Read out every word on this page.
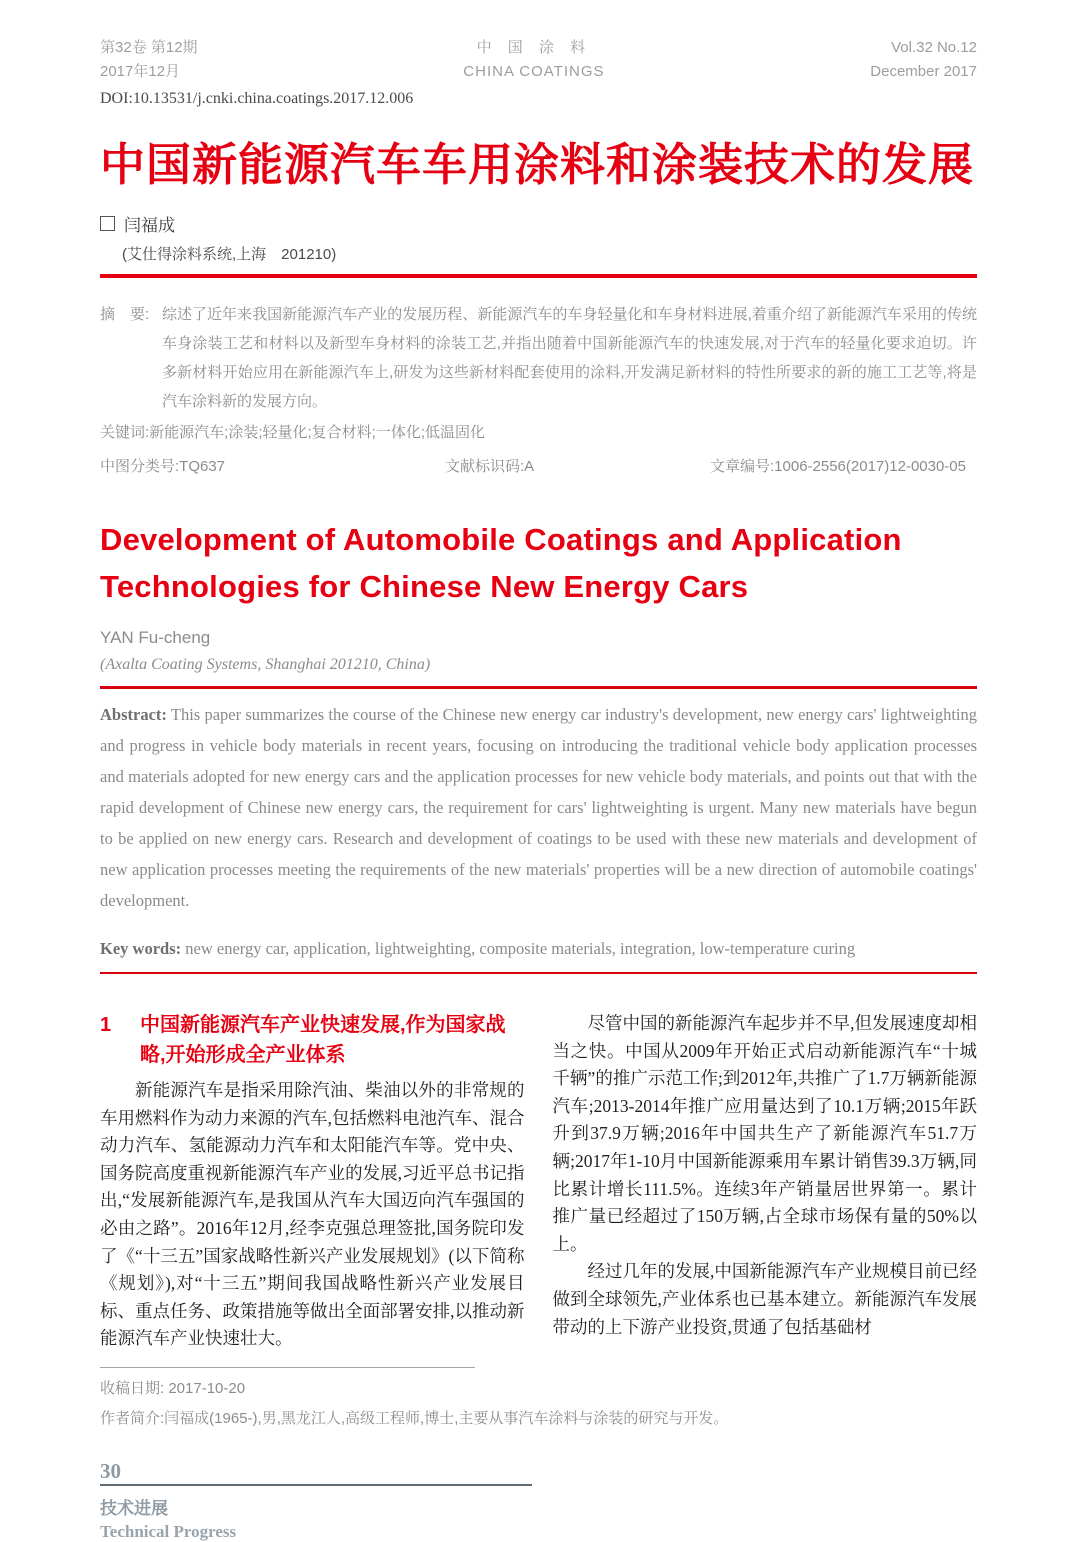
第32卷 第12期
2017年12月
中 国 涂 料
CHINA COATINGS
Vol.32 No.12
December 2017
DOI:10.13531/j.cnki.china.coatings.2017.12.006
中国新能源汽车车用涂料和涂装技术的发展
闫福成
(艾仕得涂料系统,上海　201210)
摘　要: 综述了近年来我国新能源汽车产业的发展历程、新能源汽车的车身轻量化和车身材料进展,着重介绍了新能源汽车采用的传统车身涂装工艺和材料以及新型车身材料的涂装工艺,并指出随着中国新能源汽车的快速发展,对于汽车的轻量化要求迫切。许多新材料开始应用在新能源汽车上,研发为这些新材料配套使用的涂料,开发满足新材料的特性所要求的新的施工工艺等,将是汽车涂料新的发展方向。
关键词:新能源汽车;涂装;轻量化;复合材料;一体化;低温固化
中图分类号:TQ637	文献标识码:A	文章编号:1006-2556(2017)12-0030-05
Development of Automobile Coatings and Application Technologies for Chinese New Energy Cars
YAN Fu-cheng
(Axalta Coating Systems, Shanghai 201210, China)

Abstract: This paper summarizes the course of the Chinese new energy car industry's development, new energy cars' lightweighting and progress in vehicle body materials in recent years, focusing on introducing the traditional vehicle body application processes and materials adopted for new energy cars and the application processes for new vehicle body materials, and points out that with the rapid development of Chinese new energy cars, the requirement for cars' lightweighting is urgent. Many new materials have begun to be applied on new energy cars. Research and development of coatings to be used with these new materials and development of new application processes meeting the requirements of the new materials' properties will be a new direction of automobile coatings' development.

Key words: new energy car, application, lightweighting, composite materials, integration, low-temperature curing

1	中国新能源汽车产业快速发展,作为国家战略,开始形成全产业体系

新能源汽车是指采用除汽油、柴油以外的非常规的车用燃料作为动力来源的汽车,包括燃料电池汽车、混合动力汽车、氢能源动力汽车和太阳能汽车等。党中央、国务院高度重视新能源汽车产业的发展,习近平总书记指出,“发展新能源汽车,是我国从汽车大国迈向汽车强国的必由之路”。2016年12月,经李克强总理签批,国务院印发了《“十三五”国家战略性新兴产业发展规划》(以下简称《规划》),对“十三五”期间我国战略性新兴产业发展目标、重点任务、政策措施等做出全面部署安排,以推动新能源汽车产业快速壮大。

收稿日期: 2017-10-20

尽管中国的新能源汽车起步并不早,但发展速度却相当之快。中国从2009年开始正式启动新能源汽车“十城千辆”的推广示范工作;到2012年,共推广了1.7万辆新能源汽车;2013-2014年推广应用量达到了10.1万辆;2015年跃升到37.9万辆;2016年中国共生产了新能源汽车51.7万辆;2017年1-10月中国新能源乘用车累计销售39.3万辆,同比累计增长111.5%。连续3年产销量居世界第一。累计推广量已经超过了150万辆,占全球市场保有量的50%以上。

经过几年的发展,中国新能源汽车产业规模目前已经做到全球领先,产业体系也已基本建立。新能源汽车发展带动的上下游产业投资,贯通了包括基础材

作者简介:闫福成(1965-),男,黑龙江人,高级工程师,博士,主要从事汽车涂料与涂装的研究与开发。
30
技术进展
Technical Progress
